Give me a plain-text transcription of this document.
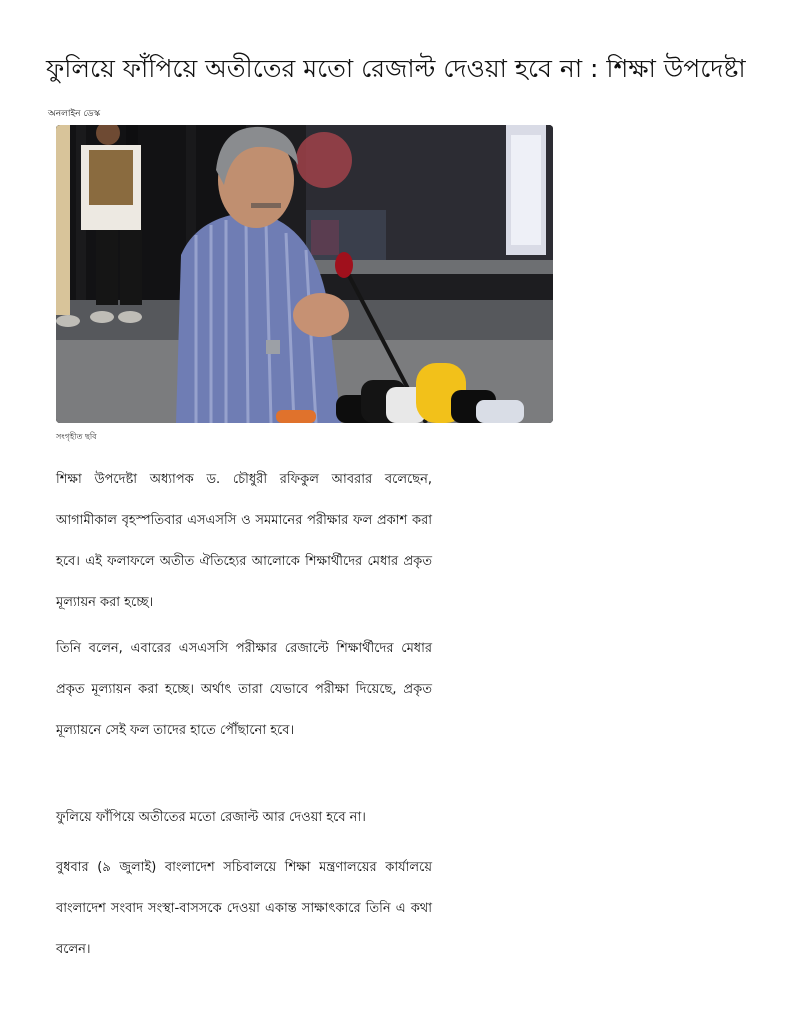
ফুলিয়ে ফাঁপিয়ে অতীতের মতো রেজাল্ট দেওয়া হবে না : শিক্ষা উপদেষ্টা
অনলাইন ডেস্ক
সংগৃহীত ছবি

শিক্ষা উপদেষ্টা অধ্যাপক ড. চৌধুরী রফিকুল আবরার বলেছেন, আগামীকাল বৃহস্পতিবার এসএসসি ও সমমানের পরীক্ষার ফল প্রকাশ করা হবে। এই ফলাফলে অতীত ঐতিহ্যের আলোকে শিক্ষার্থীদের মেধার প্রকৃত মূল্যায়ন করা হচ্ছে।

তিনি বলেন, এবারের এসএসসি পরীক্ষার রেজাল্টে শিক্ষার্থীদের মেধার প্রকৃত মূল্যায়ন করা হচ্ছে। অর্থাৎ তারা যেভাবে পরীক্ষা দিয়েছে, প্রকৃত মূল্যায়নে সেই ফল তাদের হাতে পৌঁছানো হবে।

ফুলিয়ে ফাঁপিয়ে অতীতের মতো রেজাল্ট আর দেওয়া হবে না।

বুধবার (৯ জুলাই) বাংলাদেশ সচিবালয়ে শিক্ষা মন্ত্রণালয়ের কার্যালয়ে বাংলাদেশ সংবাদ সংস্থা-বাসসকে দেওয়া একান্ত সাক্ষাৎকারে তিনি এ কথা বলেন।
